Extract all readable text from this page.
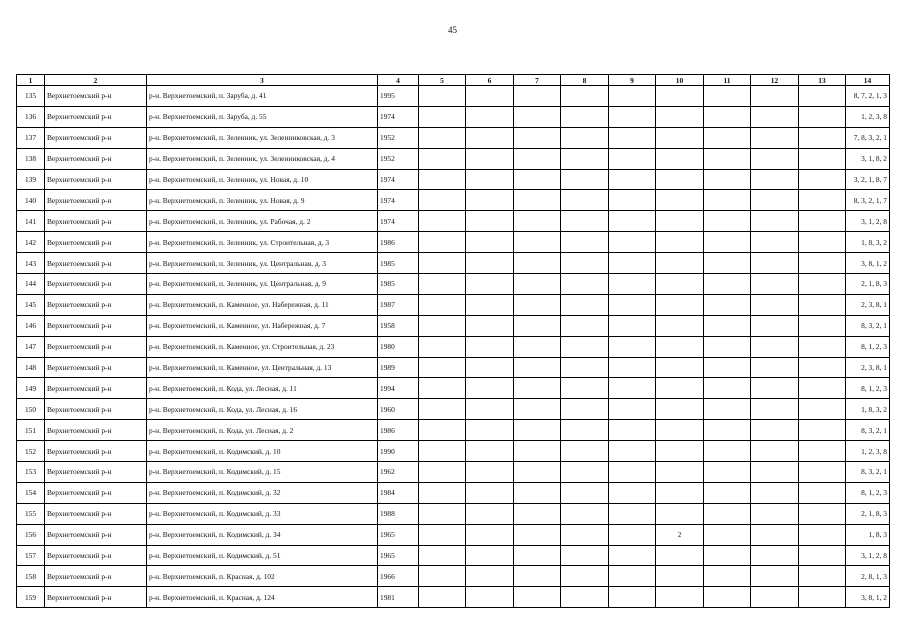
45
1	2	3	4	5	6	7	8	9	10	11	12	13	14
135	Верхнетоемский р-н	р-н. Верхнетоемский, п. Заруба, д. 41	1995										8, 7, 2, 1, 3
136	Верхнетоемский р-н	р-н. Верхнетоемский, п. Заруба, д. 55	1974										1, 2, 3, 8
137	Верхнетоемский р-н	р-н. Верхнетоемский, п. Зеленник, ул. Зеленниковская, д. 3	1952										7, 8, 3, 2, 1
138	Верхнетоемский р-н	р-н. Верхнетоемский, п. Зеленник, ул. Зеленниковская, д. 4	1952										3, 1, 8, 2
139	Верхнетоемский р-н	р-н. Верхнетоемский, п. Зеленник, ул. Новая, д. 10	1974										3, 2, 1, 8, 7
140	Верхнетоемский р-н	р-н. Верхнетоемский, п. Зеленник, ул. Новая, д. 9	1974										8, 3, 2, 1, 7
141	Верхнетоемский р-н	р-н. Верхнетоемский, п. Зеленник, ул. Рабочая, д. 2	1974										3, 1, 2, 8
142	Верхнетоемский р-н	р-н. Верхнетоемский, п. Зеленник, ул. Строительная, д. 3	1986										1, 8, 3, 2
143	Верхнетоемский р-н	р-н. Верхнетоемский, п. Зеленник, ул. Центральная, д. 3	1985										3, 8, 1, 2
144	Верхнетоемский р-н	р-н. Верхнетоемский, п. Зеленник, ул. Центральная, д. 9	1985										2, 1, 8, 3
145	Верхнетоемский р-н	р-н. Верхнетоемский, п. Каменное, ул. Набережная, д. 11	1987										2, 3, 8, 1
146	Верхнетоемский р-н	р-н. Верхнетоемский, п. Каменное, ул. Набережная, д. 7	1958										8, 3, 2, 1
147	Верхнетоемский р-н	р-н. Верхнетоемский, п. Каменное, ул. Строительная, д. 23	1980										8, 1, 2, 3
148	Верхнетоемский р-н	р-н. Верхнетоемский, п. Каменное, ул. Центральная, д. 13	1989										2, 3, 8, 1
149	Верхнетоемский р-н	р-н. Верхнетоемский, п. Кода, ул. Лесная, д. 11	1994										8, 1, 2, 3
150	Верхнетоемский р-н	р-н. Верхнетоемский, п. Кода, ул. Лесная, д. 16	1960										1, 8, 3, 2
151	Верхнетоемский р-н	р-н. Верхнетоемский, п. Кода, ул. Лесная, д. 2	1986										8, 3, 2, 1
152	Верхнетоемский р-н	р-н. Верхнетоемский, п. Кодимский, д. 10	1990										1, 2, 3, 8
153	Верхнетоемский р-н	р-н. Верхнетоемский, п. Кодимский, д. 15	1962										8, 3, 2, 1
154	Верхнетоемский р-н	р-н. Верхнетоемский, п. Кодимский, д. 32	1984										8, 1, 2, 3
155	Верхнетоемский р-н	р-н. Верхнетоемский, п. Кодимский, д. 33	1988										2, 1, 8, 3
156	Верхнетоемский р-н	р-н. Верхнетоемский, п. Кодимский, д. 34	1965						2				1, 8, 3
157	Верхнетоемский р-н	р-н. Верхнетоемский, п. Кодимский, д. 51	1965										3, 1, 2, 8
158	Верхнетоемский р-н	р-н. Верхнетоемский, п. Красная, д. 102	1966										2, 8, 1, 3
159	Верхнетоемский р-н	р-н. Верхнетоемский, п. Красная, д. 124	1981										3, 8, 1, 2
